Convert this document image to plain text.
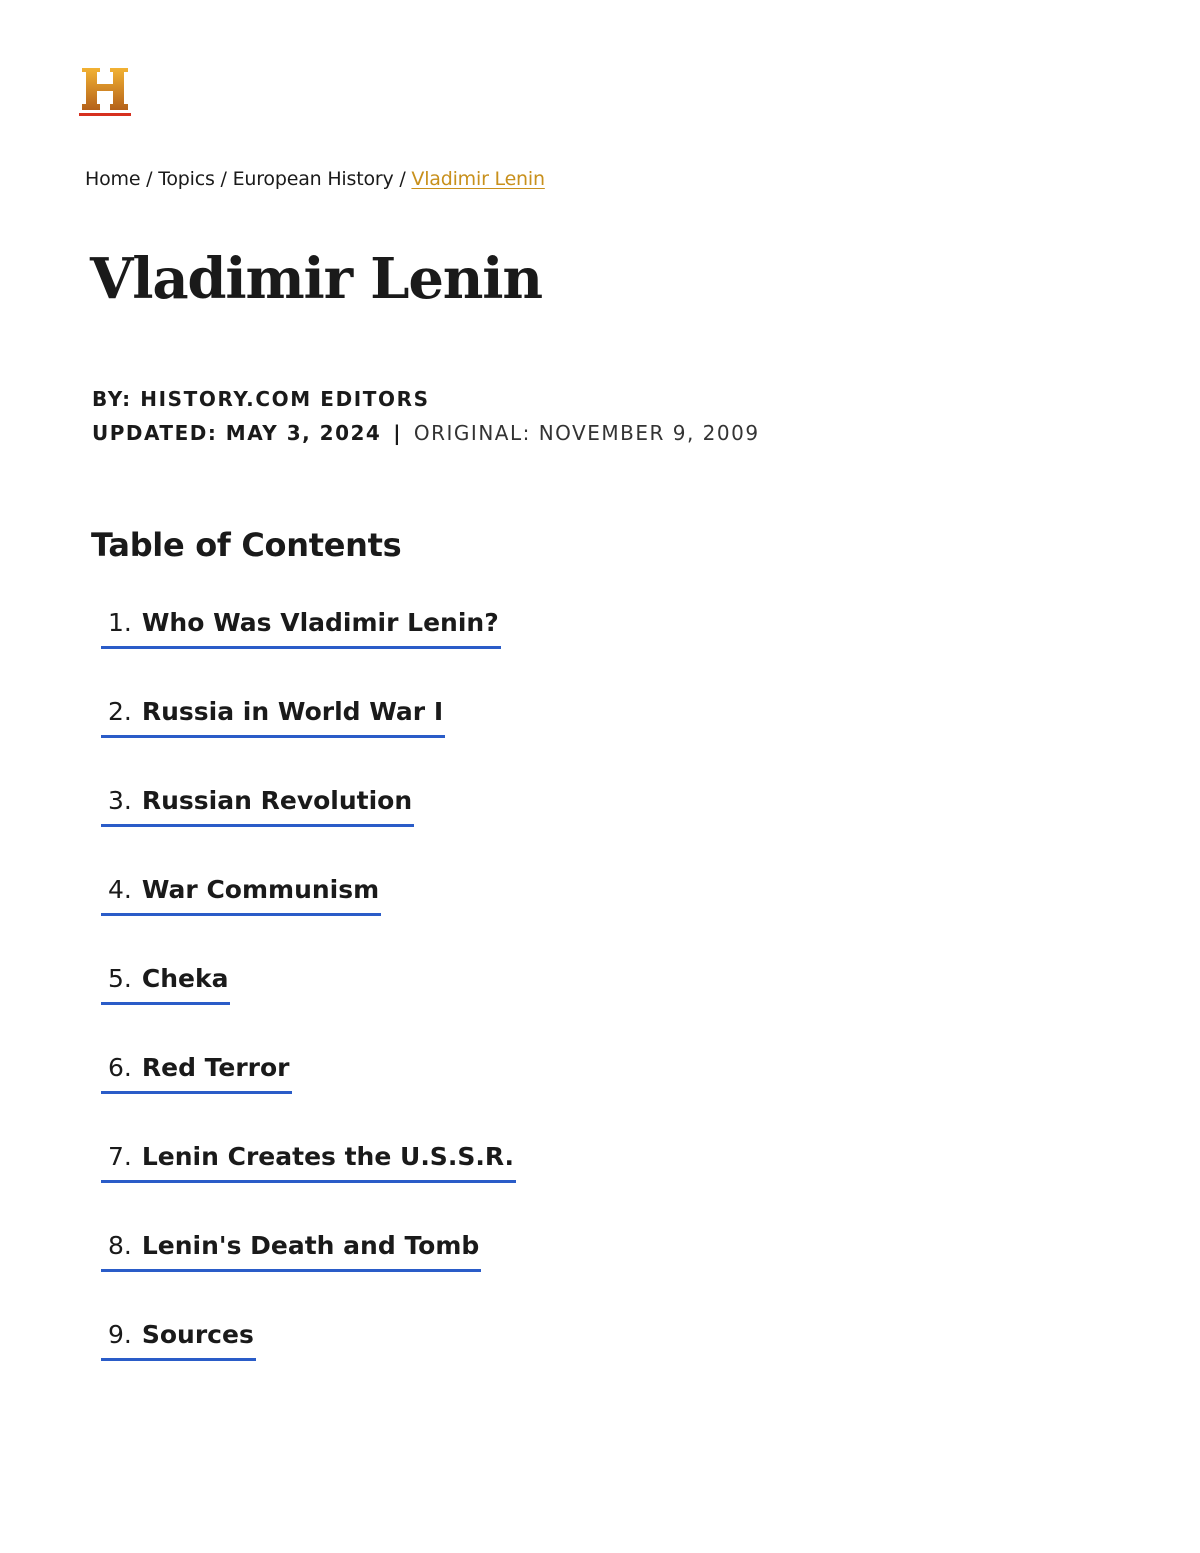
Home / Topics / European History / Vladimir Lenin
Vladimir Lenin
BY: HISTORY.COM EDITORS
UPDATED: MAY 3, 2024 | ORIGINAL: NOVEMBER 9, 2009
Table of Contents
1. Who Was Vladimir Lenin?
2. Russia in World War I
3. Russian Revolution
4. War Communism
5. Cheka
6. Red Terror
7. Lenin Creates the U.S.S.R.
8. Lenin's Death and Tomb
9. Sources
